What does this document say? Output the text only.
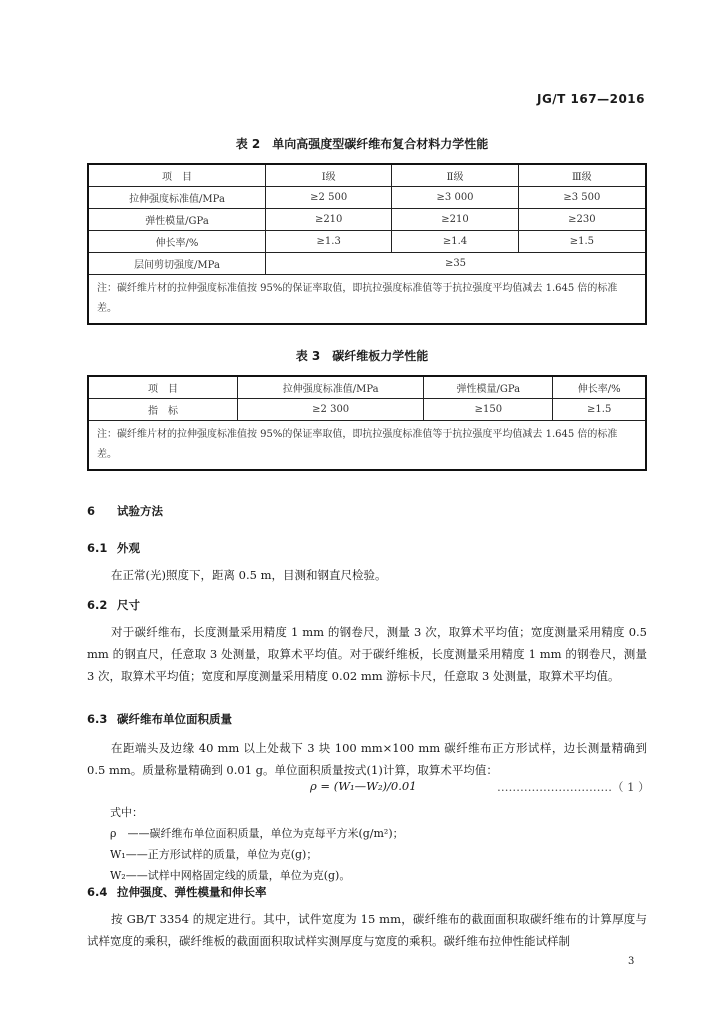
JG/T 167—2016
表 2　单向高强度型碳纤维布复合材料力学性能
项　目	Ⅰ级	Ⅱ级	Ⅲ级
拉伸强度标准值/MPa	≥2 500	≥3 000	≥3 500
弹性模量/GPa	≥210	≥210	≥230
伸长率/%	≥1.3	≥1.4	≥1.5
层间剪切强度/MPa	≥35		
注：碳纤维片材的拉伸强度标准值按 95%的保证率取值，即抗拉强度标准值等于抗拉强度平均值减去 1.645 倍的标准差。			
表 3　碳纤维板力学性能
项　目	拉伸强度标准值/MPa	弹性模量/GPa	伸长率/%
指　标	≥2 300	≥150	≥1.5
注：碳纤维片材的拉伸强度标准值按 95%的保证率取值，即抗拉强度标准值等于抗拉强度平均值减去 1.645 倍的标准差。			
6 试验方法
6.1 外观
在正常(光)照度下，距离 0.5 m，目测和钢直尺检验。
6.2 尺寸
对于碳纤维布，长度测量采用精度 1 mm 的钢卷尺，测量 3 次，取算术平均值；宽度测量采用精度 0.5 mm 的钢直尺，任意取 3 处测量，取算术平均值。对于碳纤维板，长度测量采用精度 1 mm 的钢卷尺，测量 3 次，取算术平均值；宽度和厚度测量采用精度 0.02 mm 游标卡尺，任意取 3 处测量，取算术平均值。
6.3 碳纤维布单位面积质量
在距端头及边缘 40 mm 以上处裁下 3 块 100 mm×100 mm 碳纤维布正方形试样，边长测量精确到 0.5 mm。质量称量精确到 0.01 g。单位面积质量按式(1)计算，取算术平均值：
ρ = (W₁—W₂)/0.01	…………………………（ 1 ）
式中：
ρ　——碳纤维布单位面积质量，单位为克每平方米(g/m²)；
W₁——正方形试样的质量，单位为克(g)；
W₂——试样中网格固定线的质量，单位为克(g)。
6.4 拉伸强度、弹性模量和伸长率
按 GB/T 3354 的规定进行。其中，试件宽度为 15 mm，碳纤维布的截面面积取碳纤维布的计算厚度与试样宽度的乘积，碳纤维板的截面面积取试样实测厚度与宽度的乘积。碳纤维布拉伸性能试样制
3
